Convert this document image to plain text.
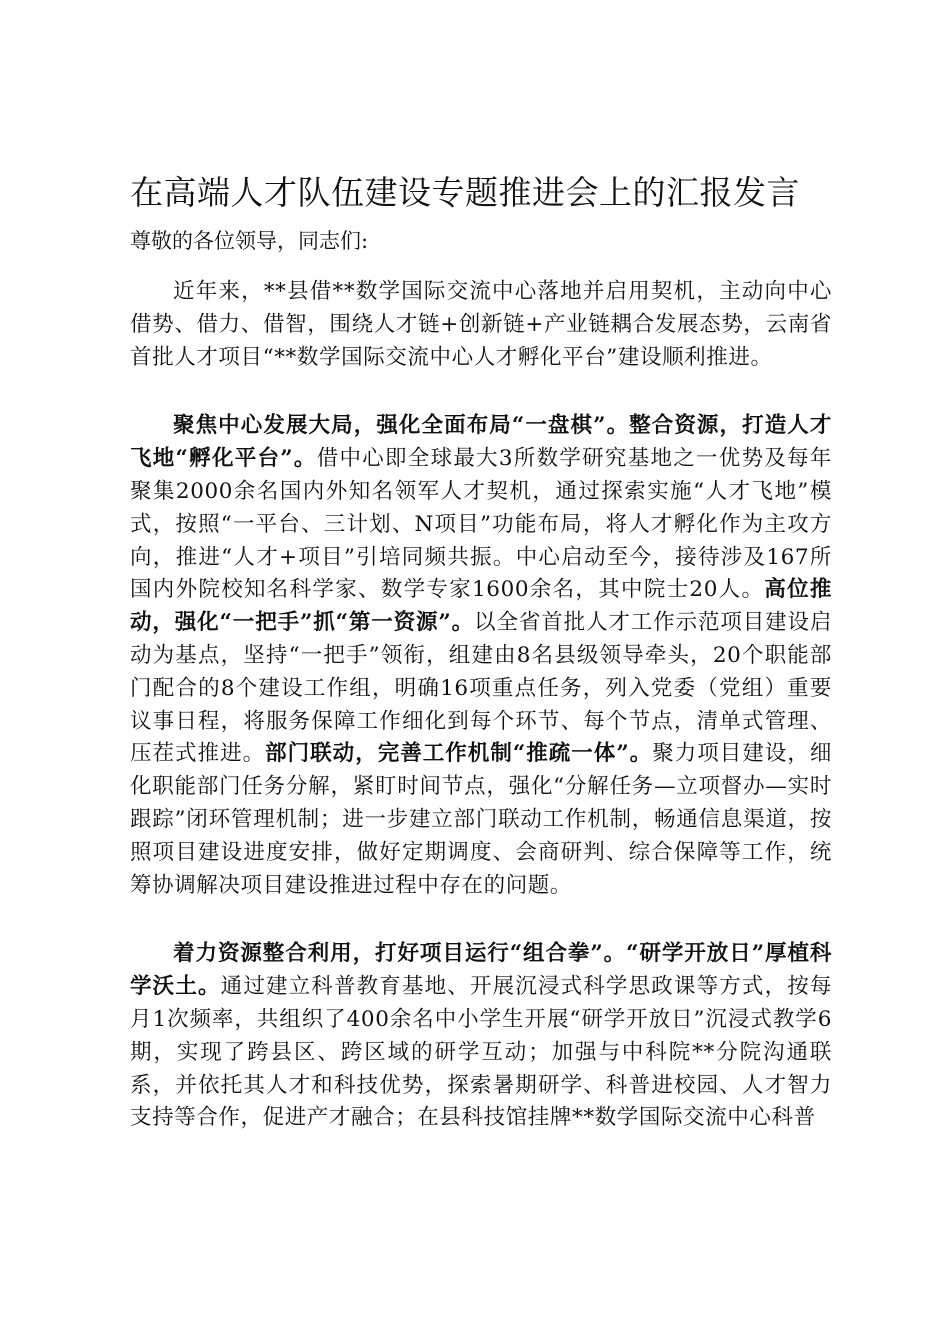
在高端人才队伍建设专题推进会上的汇报发言

尊敬的各位领导，同志们:

近年来，**县借**数学国际交流中心落地并启用契机，主动向中心借势、借力、借智，围绕人才链+创新链+产业链耦合发展态势，云南省首批人才项目“**数学国际交流中心人才孵化平台”建设顺利推进。

聚焦中心发展大局，强化全面布局“一盘棋”。整合资源，打造人才飞地“孵化平台”。借中心即全球最大3所数学研究基地之一优势及每年聚集2000余名国内外知名领军人才契机，通过探索实施“人才飞地”模式，按照“一平台、三计划、N项目”功能布局，将人才孵化作为主攻方向，推进“人才+项目”引培同频共振。中心启动至今，接待涉及167所国内外院校知名科学家、数学专家1600余名，其中院士20人。高位推动，强化“一把手”抓“第一资源”。以全省首批人才工作示范项目建设启动为基点，坚持“一把手”领衔，组建由8名县级领导牵头，20个职能部门配合的8个建设工作组，明确16项重点任务，列入党委（党组）重要议事日程，将服务保障工作细化到每个环节、每个节点，清单式管理、压茬式推进。部门联动，完善工作机制“推疏一体”。聚力项目建设，细化职能部门任务分解，紧盯时间节点，强化“分解任务—立项督办—实时跟踪”闭环管理机制；进一步建立部门联动工作机制，畅通信息渠道，按照项目建设进度安排，做好定期调度、会商研判、综合保障等工作，统筹协调解决项目建设推进过程中存在的问题。

着力资源整合利用，打好项目运行“组合拳”。“研学开放日”厚植科学沃土。通过建立科普教育基地、开展沉浸式科学思政课等方式，按每月1次频率，共组织了400余名中小学生开展“研学开放日”沉浸式教学6期，实现了跨县区、跨区域的研学互动；加强与中科院**分院沟通联系，并依托其人才和科技优势，探索暑期研学、科普进校园、人才智力支持等合作，促进产才融合；在县科技馆挂牌**数学国际交流中心科普
